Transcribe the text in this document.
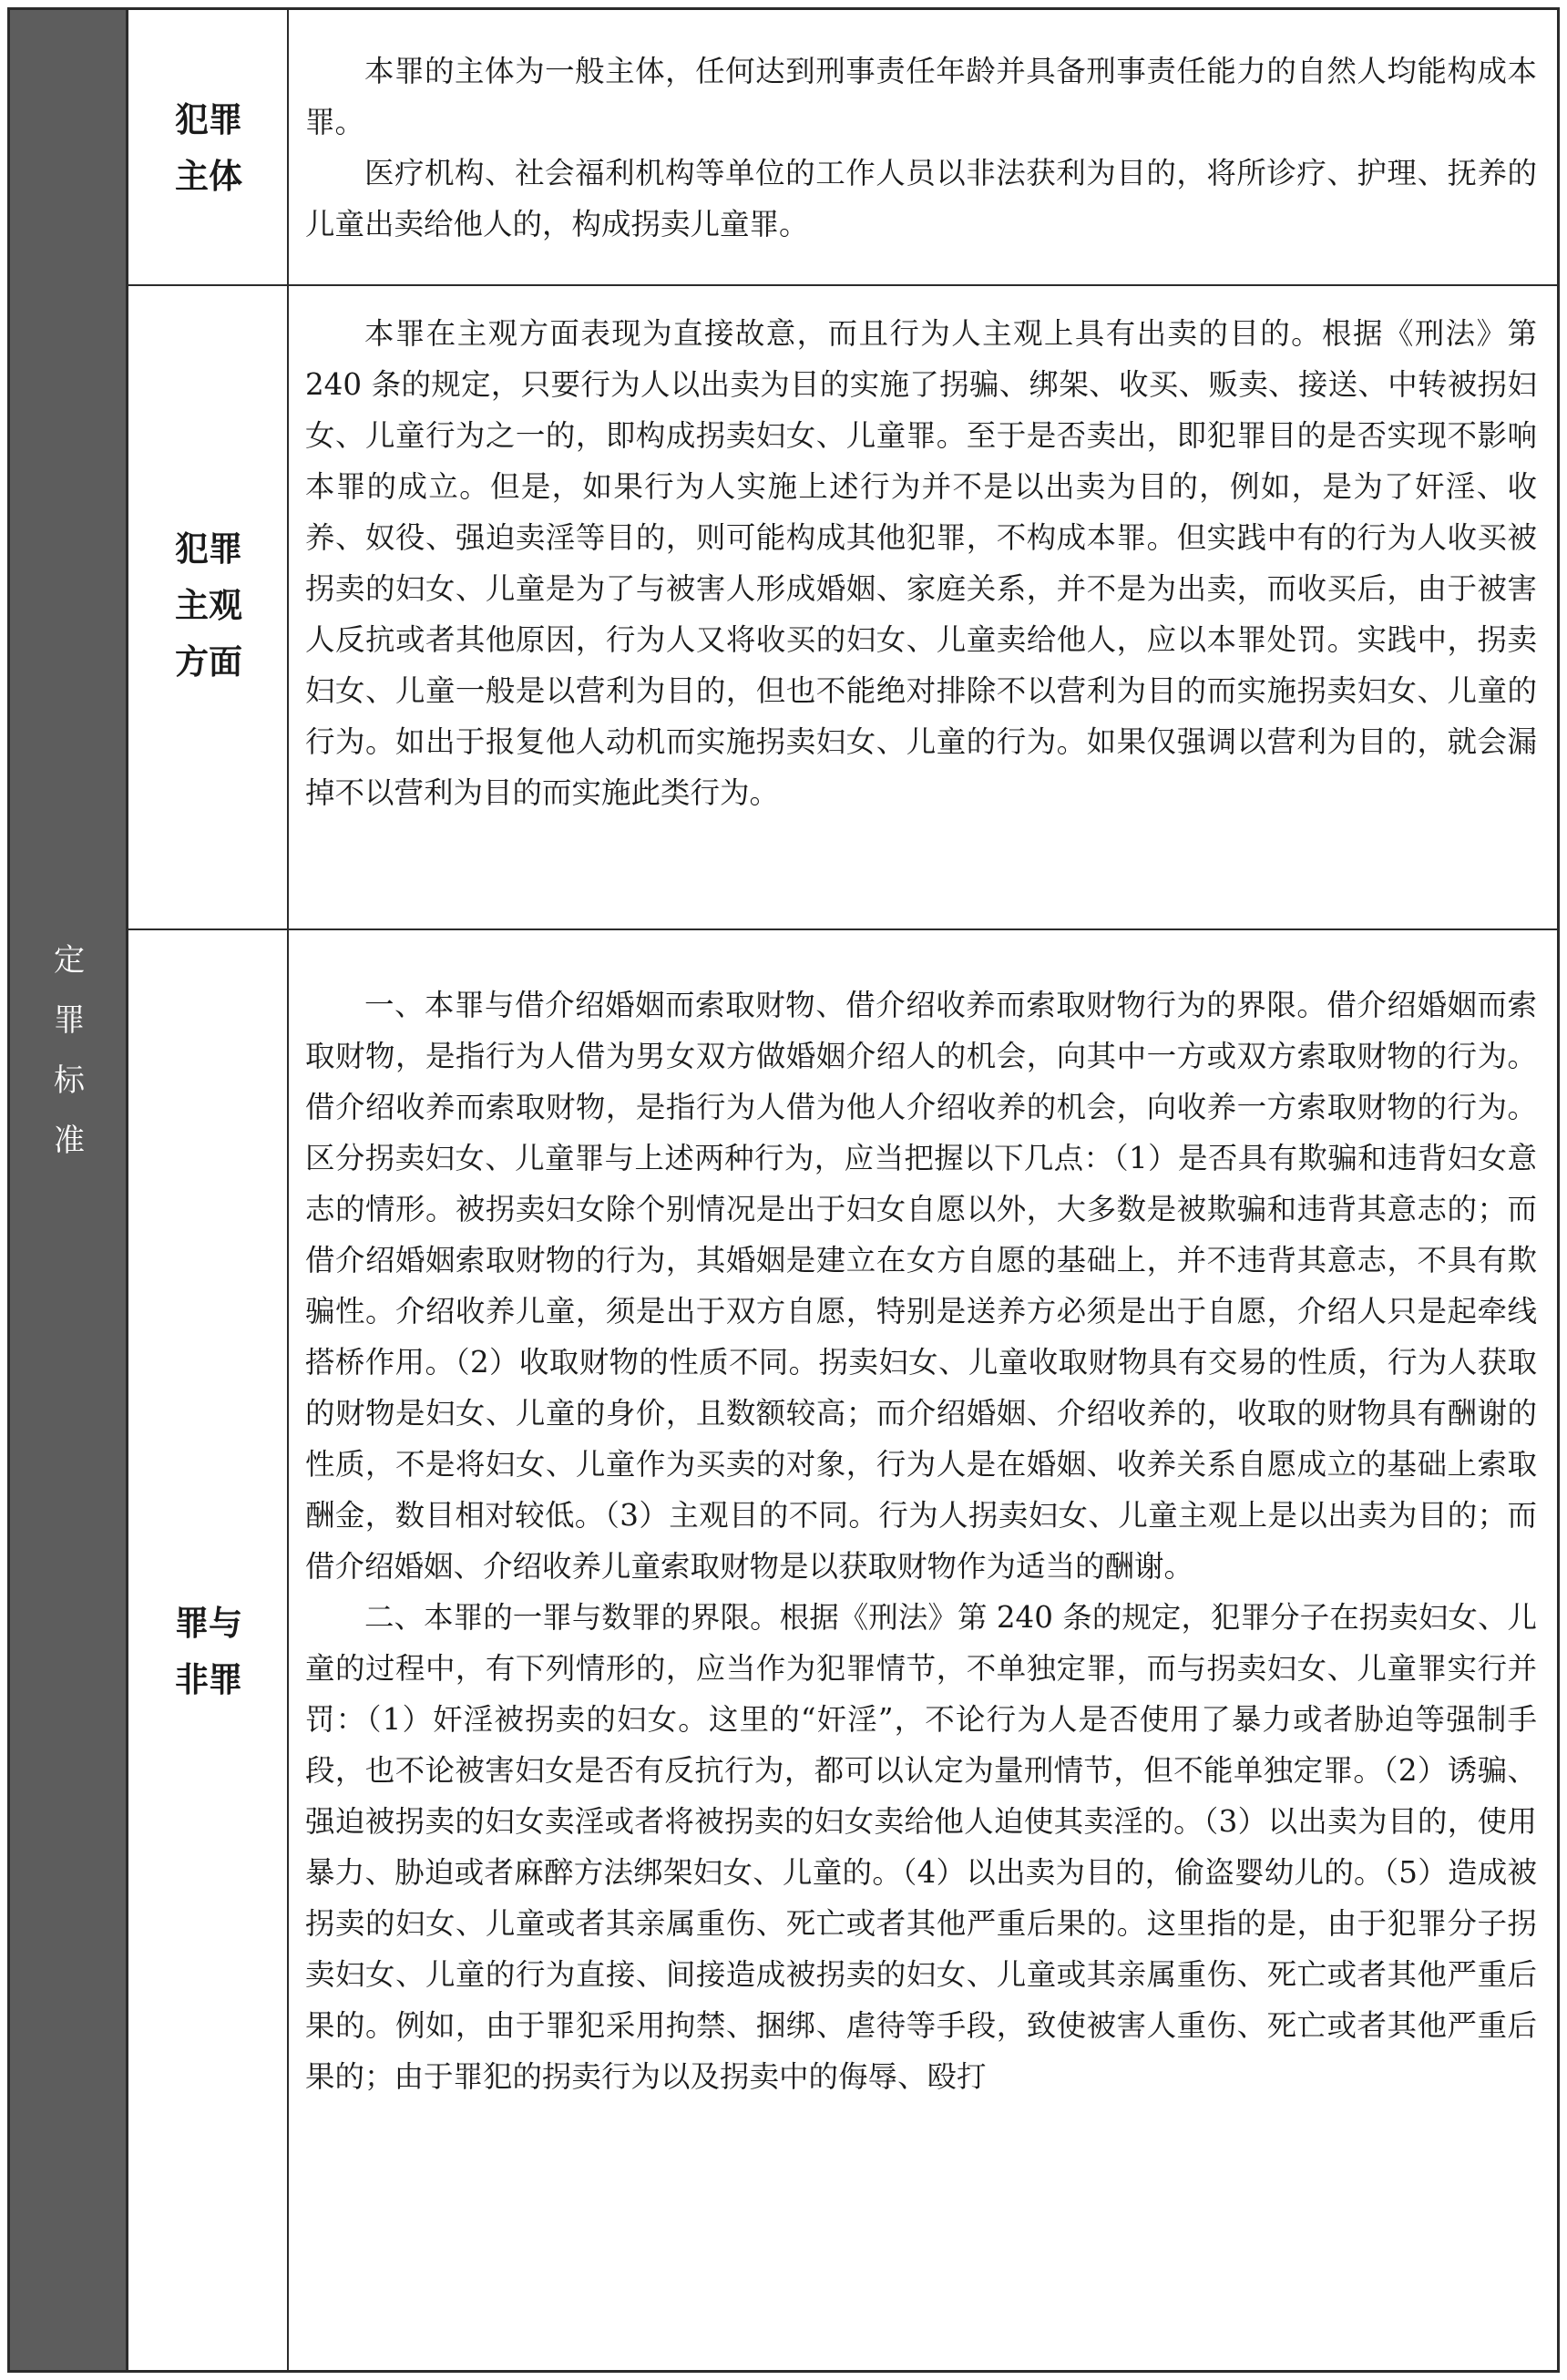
定
罪
标
准
犯罪
主体

本罪的主体为一般主体，任何达到刑事责任年龄并具备刑事责任能力的自然人均能构成本罪。

医疗机构、社会福利机构等单位的工作人员以非法获利为目的，将所诊疗、护理、抚养的儿童出卖给他人的，构成拐卖儿童罪。

犯罪
主观
方面

本罪在主观方面表现为直接故意，而且行为人主观上具有出卖的目的。根据《刑法》第 240 条的规定，只要行为人以出卖为目的实施了拐骗、绑架、收买、贩卖、接送、中转被拐妇女、儿童行为之一的，即构成拐卖妇女、儿童罪。至于是否卖出，即犯罪目的是否实现不影响本罪的成立。但是，如果行为人实施上述行为并不是以出卖为目的，例如，是为了奸淫、收养、奴役、强迫卖淫等目的，则可能构成其他犯罪，不构成本罪。但实践中有的行为人收买被拐卖的妇女、儿童是为了与被害人形成婚姻、家庭关系，并不是为出卖，而收买后，由于被害人反抗或者其他原因，行为人又将收买的妇女、儿童卖给他人，应以本罪处罚。实践中，拐卖妇女、儿童一般是以营利为目的，但也不能绝对排除不以营利为目的而实施拐卖妇女、儿童的行为。如出于报复他人动机而实施拐卖妇女、儿童的行为。如果仅强调以营利为目的，就会漏掉不以营利为目的而实施此类行为。

罪与
非罪

一、本罪与借介绍婚姻而索取财物、借介绍收养而索取财物行为的界限。借介绍婚姻而索取财物，是指行为人借为男女双方做婚姻介绍人的机会，向其中一方或双方索取财物的行为。借介绍收养而索取财物，是指行为人借为他人介绍收养的机会，向收养一方索取财物的行为。区分拐卖妇女、儿童罪与上述两种行为，应当把握以下几点：（1）是否具有欺骗和违背妇女意志的情形。被拐卖妇女除个别情况是出于妇女自愿以外，大多数是被欺骗和违背其意志的；而借介绍婚姻索取财物的行为，其婚姻是建立在女方自愿的基础上，并不违背其意志，不具有欺骗性。介绍收养儿童，须是出于双方自愿，特别是送养方必须是出于自愿，介绍人只是起牵线搭桥作用。（2）收取财物的性质不同。拐卖妇女、儿童收取财物具有交易的性质，行为人获取的财物是妇女、儿童的身价，且数额较高；而介绍婚姻、介绍收养的，收取的财物具有酬谢的性质，不是将妇女、儿童作为买卖的对象，行为人是在婚姻、收养关系自愿成立的基础上索取酬金，数目相对较低。（3）主观目的不同。行为人拐卖妇女、儿童主观上是以出卖为目的；而借介绍婚姻、介绍收养儿童索取财物是以获取财物作为适当的酬谢。

二、本罪的一罪与数罪的界限。根据《刑法》第 240 条的规定，犯罪分子在拐卖妇女、儿童的过程中，有下列情形的，应当作为犯罪情节，不单独定罪，而与拐卖妇女、儿童罪实行并罚：（1）奸淫被拐卖的妇女。这里的“奸淫”，不论行为人是否使用了暴力或者胁迫等强制手段，也不论被害妇女是否有反抗行为，都可以认定为量刑情节，但不能单独定罪。（2）诱骗、强迫被拐卖的妇女卖淫或者将被拐卖的妇女卖给他人迫使其卖淫的。（3）以出卖为目的，使用暴力、胁迫或者麻醉方法绑架妇女、儿童的。（4）以出卖为目的，偷盗婴幼儿的。（5）造成被拐卖的妇女、儿童或者其亲属重伤、死亡或者其他严重后果的。这里指的是，由于犯罪分子拐卖妇女、儿童的行为直接、间接造成被拐卖的妇女、儿童或其亲属重伤、死亡或者其他严重后果的。例如，由于罪犯采用拘禁、捆绑、虐待等手段，致使被害人重伤、死亡或者其他严重后果的；由于罪犯的拐卖行为以及拐卖中的侮辱、殴打
